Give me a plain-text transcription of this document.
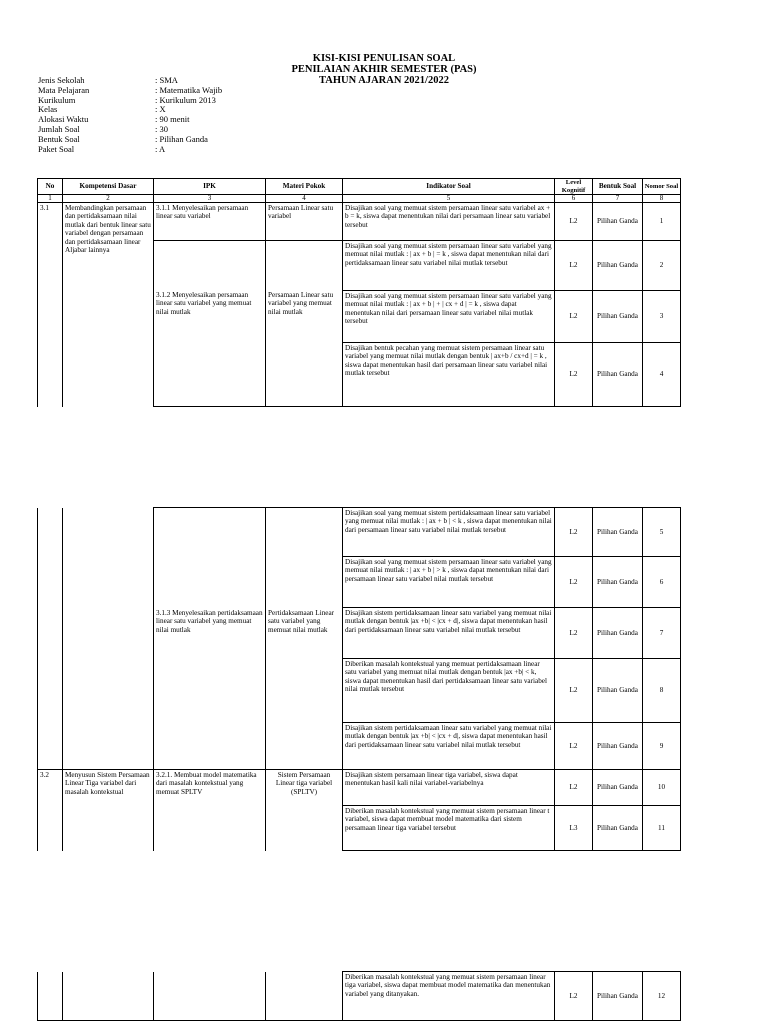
KISI-KISI PENULISAN SOAL
PENILAIAN AKHIR SEMESTER (PAS)
TAHUN AJARAN 2021/2022
Jenis Sekolah	: SMA
Mata Pelajaran	: Matematika Wajib
Kurikulum	: Kurikulum 2013
Kelas	: X
Alokasi Waktu	: 90 menit
Jumlah Soal	: 30
Bentuk Soal	: Pilihan Ganda
Paket Soal	: A
No	Kompetensi Dasar	IPK	Materi Pokok	Indikator Soal	Level Kognitif	Bentuk Soal	Nomor Soal
1	2	3	4	5	6	7	8
3.1	Membandingkan persamaan dan pertidaksamaan nilai mutlak dari bentuk linear satu variabel dengan persamaan dan pertidaksamaan linear Aljabar lainnya	3.1.1 Menyelesaikan persamaan linear satu variabel	Persamaan Linear satu variabel	Disajikan soal yang memuat sistem persamaan linear satu variabel ax + b = k, siswa dapat menentukan nilai dari persamaan linear satu variabel tersebut	L2	Pilihan Ganda	1

		3.1.2 Menyelesaikan persamaan linear satu variabel yang memuat nilai mutlak	Persamaan Linear satu variabel yang memuat nilai mutlak	Disajikan soal yang memuat sistem persamaan linear satu variabel yang memuat nilai mutlak : | ax + b | = k , siswa dapat menentukan nilai dari pertidaksamaan linear satu variabel nilai mutlak tersebut	L2	Pilihan Ganda	2
				Disajikan soal yang memuat sistem persamaan linear satu variabel yang memuat nilai mutlak : | ax + b | + | cx + d | = k , siswa dapat menentukan nilai dari persamaan linear satu variabel nilai mutlak tersebut	L2	Pilihan Ganda	3
				Disajikan bentuk pecahan yang memuat sistem persamaan linear satu variabel yang memuat nilai mutlak dengan bentuk | ax+b / cx+d | = k , siswa dapat menentukan hasil dari persamaan linear satu variabel nilai mutlak tersebut	L2	Pilihan Ganda	4

		3.1.3 Menyelesaikan pertidaksamaan linear satu variabel yang memuat nilai mutlak	Pertidaksamaan Linear satu variabel yang memuat nilai mutlak	Disajikan soal yang memuat sistem pertidaksamaan linear satu variabel yang memuat nilai mutlak : | ax + b | < k , siswa dapat menentukan nilai dari persamaan linear satu variabel nilai mutlak tersebut	L2	Pilihan Ganda	5
				Disajikan soal yang memuat sistem persamaan linear satu variabel yang memuat nilai mutlak : | ax + b | > k , siswa dapat menentukan nilai dari persamaan linear satu variabel nilai mutlak tersebut	L2	Pilihan Ganda	6
				Disajikan sistem pertidaksamaan linear satu variabel yang memuat nilai mutlak dengan bentuk |ax +b| < |cx + d|, siswa dapat menentukan hasil dari pertidaksamaan linear satu variabel nilai mutlak tersebut	L2	Pilihan Ganda	7
				Diberikan masalah kontekstual yang memuat pertidaksamaan linear satu variabel yang memuat nilai mutlak dengan bentuk |ax +b| < k, siswa dapat menentukan hasil dari pertidaksamaan linear satu variabel nilai mutlak tersebut	L2	Pilihan Ganda	8
				Disajikan sistem pertidaksamaan linear satu variabel yang memuat nilai mutlak dengan bentuk |ax +b| < |cx + d|, siswa dapat menentukan hasil dari pertidaksamaan linear satu variabel nilai mutlak tersebut	L2	Pilihan Ganda	9
3.2	Menyusun Sistem Persamaan Linear Tiga variabel dari masalah kontekstual	3.2.1. Membuat model matematika dari masalah kontekstual yang memuat SPLTV	Sistem Persamaan Linear tiga variabel (SPLTV)	Disajikan sistem persamaan linear tiga variabel, siswa dapat menentukan hasil kali nilai variabel-variabelnya	L2	Pilihan Ganda	10
				Diberikan masalah kontekstual yang memuat sistem persamaan linear t variabel, siswa dapat membuat model matematika dari sistem persamaan linear tiga variabel tersebut	L3	Pilihan Ganda	11
				Diberikan masalah kontekstual yang memuat sistem persamaan linear tiga variabel, siswa dapat membuat model matematika dan menentukan variabel yang ditanyakan.	L2	Pilihan Ganda	12
